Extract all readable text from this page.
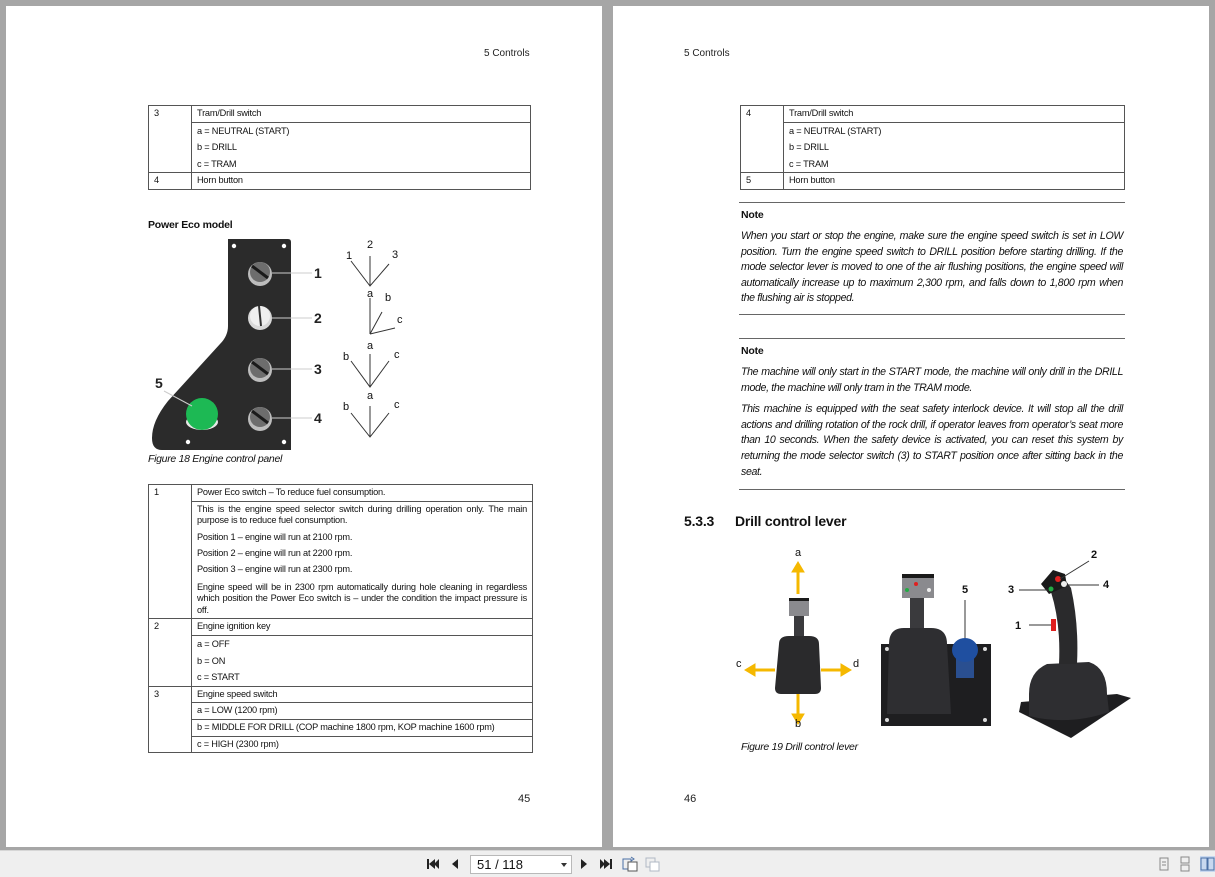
5 Controls
3	Tram/Drill switch
	a = NEUTRAL (START)
	b = DRILL
	c = TRAM
4	Horn button
Power Eco model
1
2
3
4
5
1
2
3
a b
c
b
a
c
b
a
c
Figure 18 Engine control panel
1	Power Eco switch – To reduce fuel consumption.
	This is the engine speed selector switch during drilling operation only. The main purpose is to reduce fuel consumption.
	Position 1 – engine will run at 2100 rpm.
	Position 2 – engine will run at 2200 rpm.
	Position 3 – engine will run at 2300 rpm.
	Engine speed will be in 2300 rpm automatically during hole cleaning in regardless which position the Power Eco switch is – under the condition the impact pressure is off.
2	Engine ignition key
	a = OFF
	b = ON
	c = START
3	Engine speed switch
	a = LOW (1200 rpm)
	b = MIDDLE FOR DRILL (COP machine 1800 rpm, KOP machine 1600 rpm)
	c = HIGH (2300 rpm)
45
5 Controls
4	Tram/Drill switch
	a = NEUTRAL (START)
	b = DRILL
	c = TRAM
5	Horn button
Note
When you start or stop the engine, make sure the engine speed switch is set in LOW position. Turn the engine speed switch to DRILL position before starting drilling. If the mode selector lever is moved to one of the air flushing positions, the engine speed will automatically increase up to maximum 2,300 rpm, and falls down to 1,800 rpm when the flushing air is stopped.
Note
The machine will only start in the START mode, the machine will only drill in the DRILL mode, the machine will only tram in the TRAM mode.
This machine is equipped with the seat safety interlock device. It will stop all the drill actions and drilling rotation of the rock drill, if operator leaves from operator’s seat more than 10 seconds. When the safety device is activated, you can reset this system by returning the mode selector switch (3) to START position once after sitting back in the seat.
5.3.3 Drill control lever
a
b
c	d
1
2
3	4
5
Figure 19 Drill control lever
46
51 / 118
